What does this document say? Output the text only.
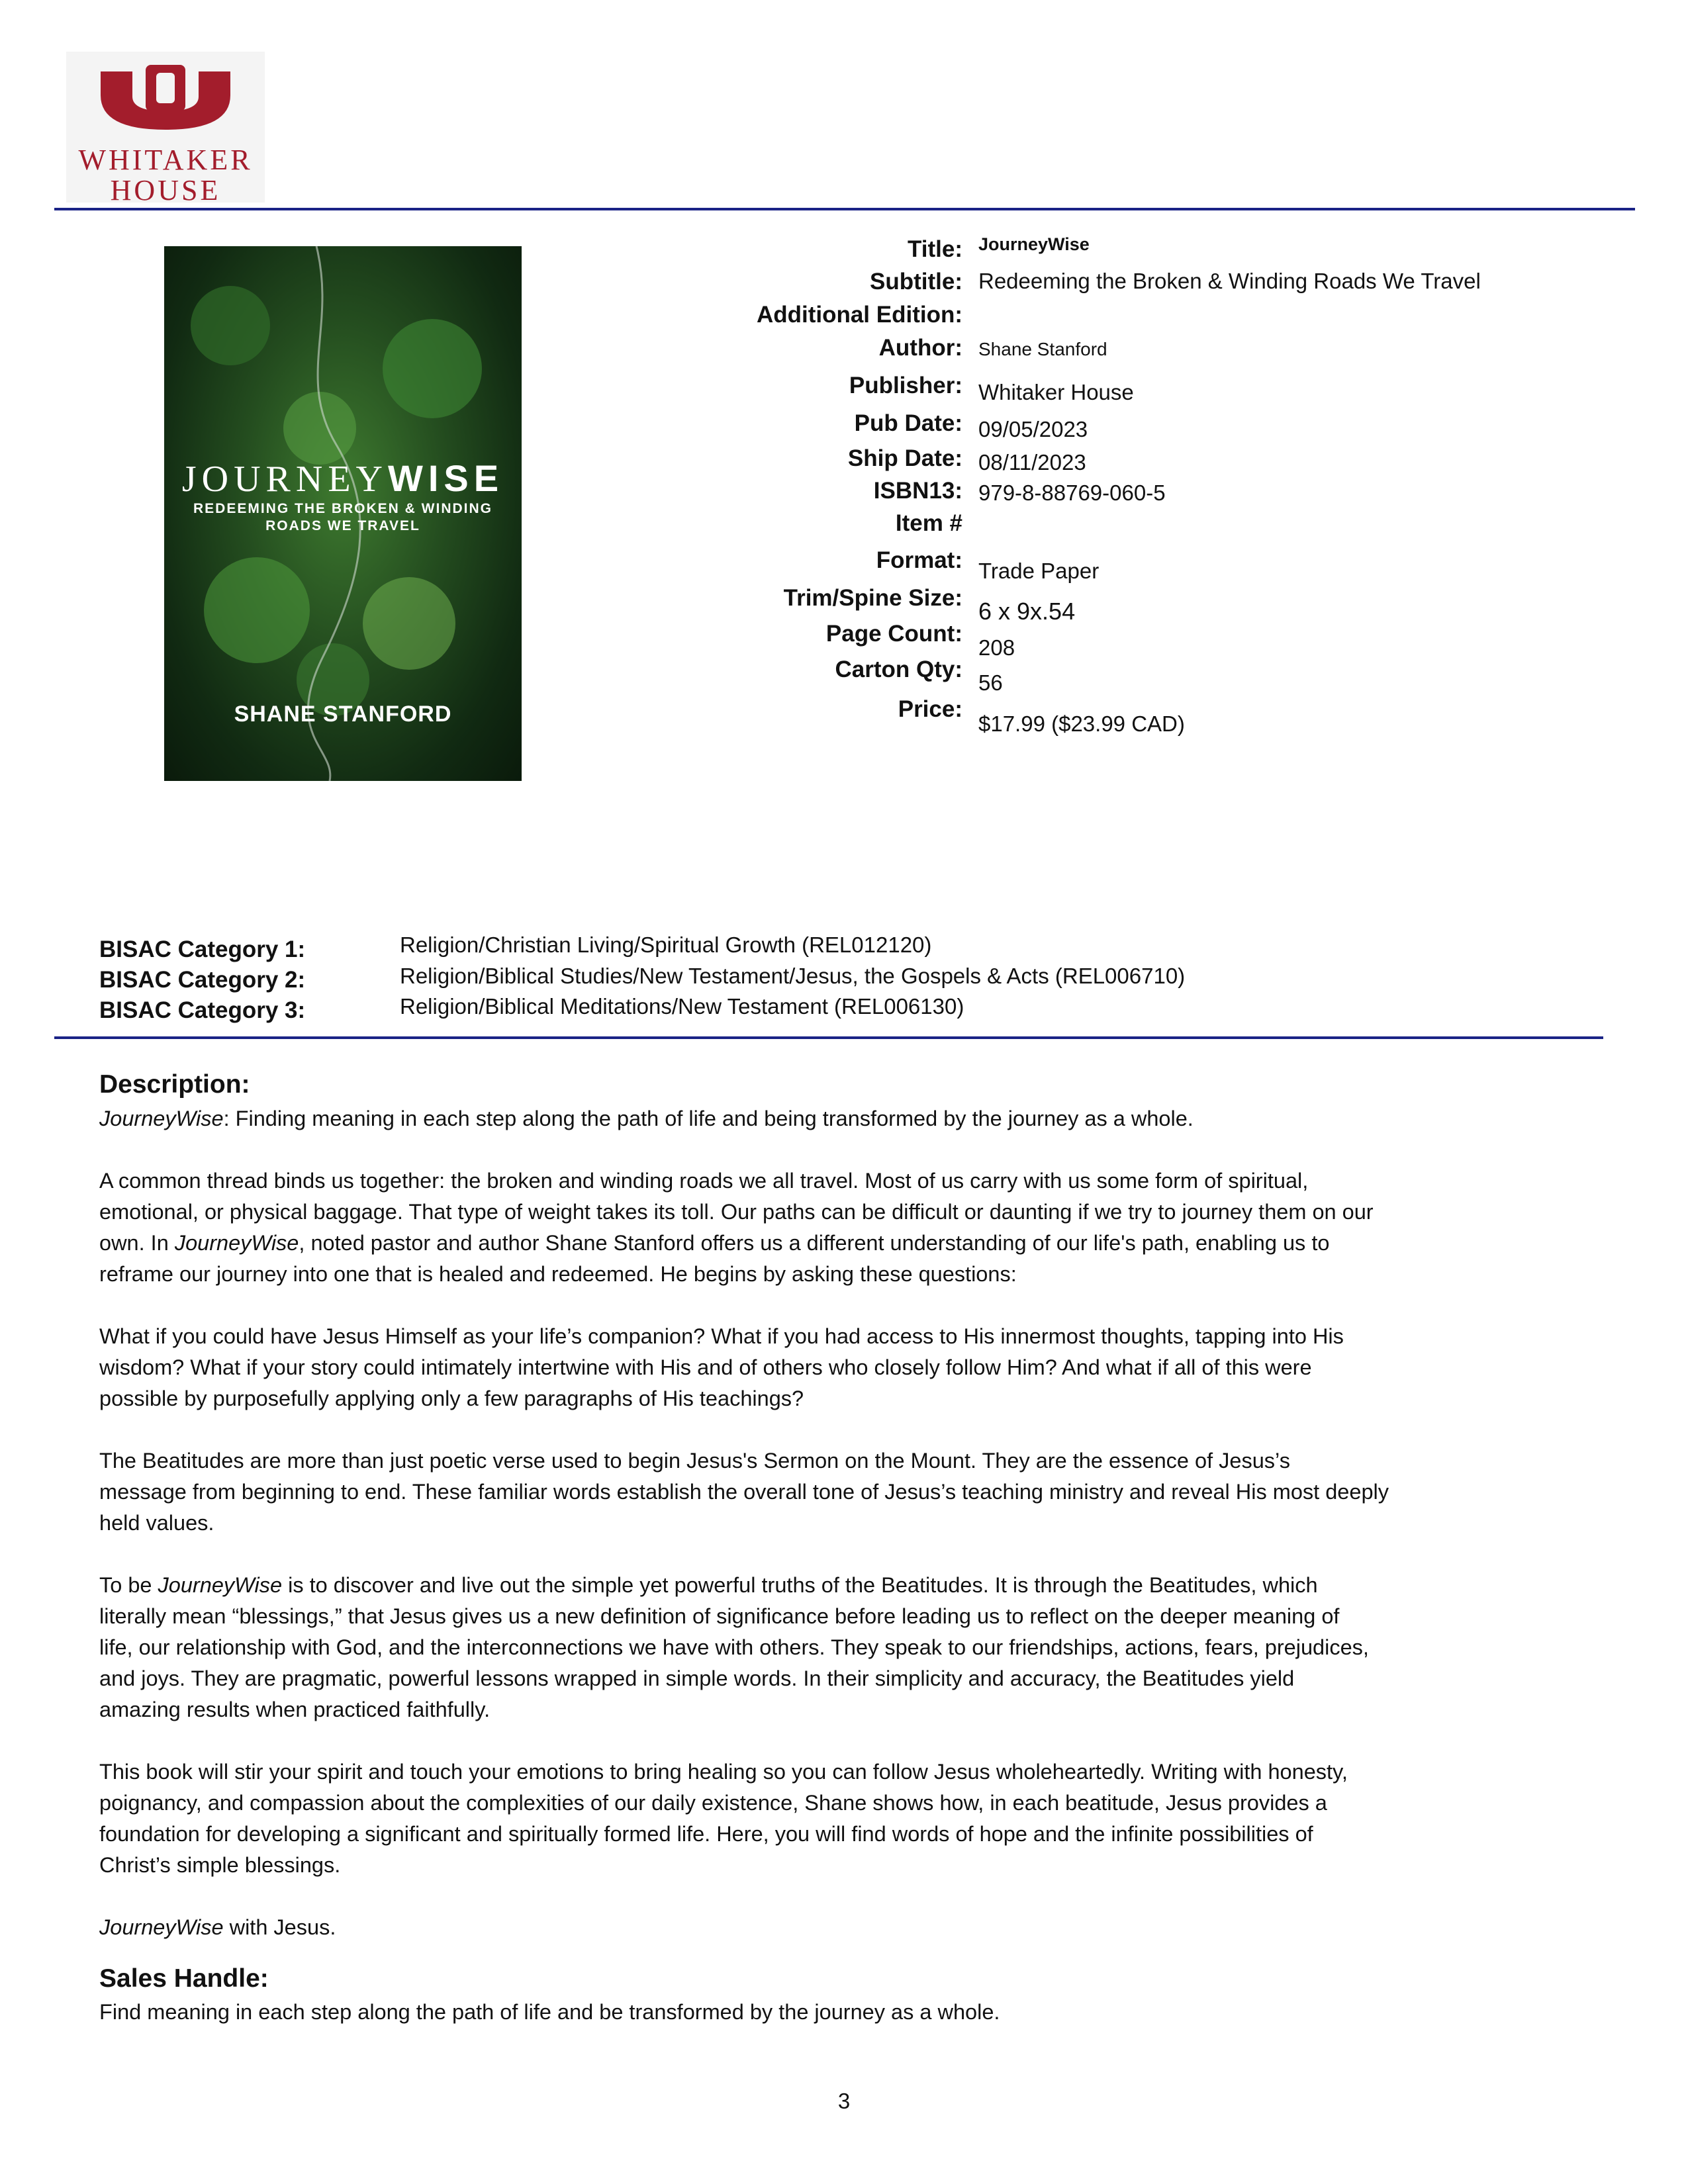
WHITAKER
HOUSE
JOURNEYWISE
REDEEMING THE BROKEN & WINDING
ROADS WE TRAVEL
SHANE STANFORD
Title: JourneyWise
Subtitle: Redeeming the Broken & Winding Roads We Travel
Additional Edition:
Author: Shane Stanford
Publisher: Whitaker House
Pub Date: 09/05/2023
Ship Date: 08/11/2023
ISBN13: 979-8-88769-060-5
Item #
Format: Trade Paper
Trim/Spine Size: 6 x 9x.54
Page Count:
208
Carton Qty:
56
Price:
$17.99 ($23.99 CAD)
BISAC Category 1:	Religion/Christian Living/Spiritual Growth (REL012120)
BISAC Category 2:	Religion/Biblical Studies/New Testament/Jesus, the Gospels & Acts (REL006710)
BISAC Category 3:	Religion/Biblical Meditations/New Testament (REL006130)
Description:
JourneyWise: Finding meaning in each step along the path of life and being transformed by the journey as a whole.
A common thread binds us together: the broken and winding roads we all travel. Most of us carry with us some form of spiritual,
emotional, or physical baggage. That type of weight takes its toll. Our paths can be difficult or daunting if we try to journey them on our
own. In JourneyWise, noted pastor and author Shane Stanford offers us a different understanding of our life's path, enabling us to
reframe our journey into one that is healed and redeemed. He begins by asking these questions:
What if you could have Jesus Himself as your life’s companion? What if you had access to His innermost thoughts, tapping into His
wisdom? What if your story could intimately intertwine with His and of others who closely follow Him? And what if all of this were
possible by purposefully applying only a few paragraphs of His teachings?
The Beatitudes are more than just poetic verse used to begin Jesus's Sermon on the Mount. They are the essence of Jesus’s
message from beginning to end. These familiar words establish the overall tone of Jesus’s teaching ministry and reveal His most deeply
held values.
To be JourneyWise is to discover and live out the simple yet powerful truths of the Beatitudes. It is through the Beatitudes, which
literally mean “blessings,” that Jesus gives us a new definition of significance before leading us to reflect on the deeper meaning of
life, our relationship with God, and the interconnections we have with others. They speak to our friendships, actions, fears, prejudices,
and joys. They are pragmatic, powerful lessons wrapped in simple words. In their simplicity and accuracy, the Beatitudes yield
amazing results when practiced faithfully.
This book will stir your spirit and touch your emotions to bring healing so you can follow Jesus wholeheartedly. Writing with honesty,
poignancy, and compassion about the complexities of our daily existence, Shane shows how, in each beatitude, Jesus provides a
foundation for developing a significant and spiritually formed life. Here, you will find words of hope and the infinite possibilities of
Christ’s simple blessings.
JourneyWise with Jesus.
Sales Handle:
Find meaning in each step along the path of life and be transformed by the journey as a whole.
3
